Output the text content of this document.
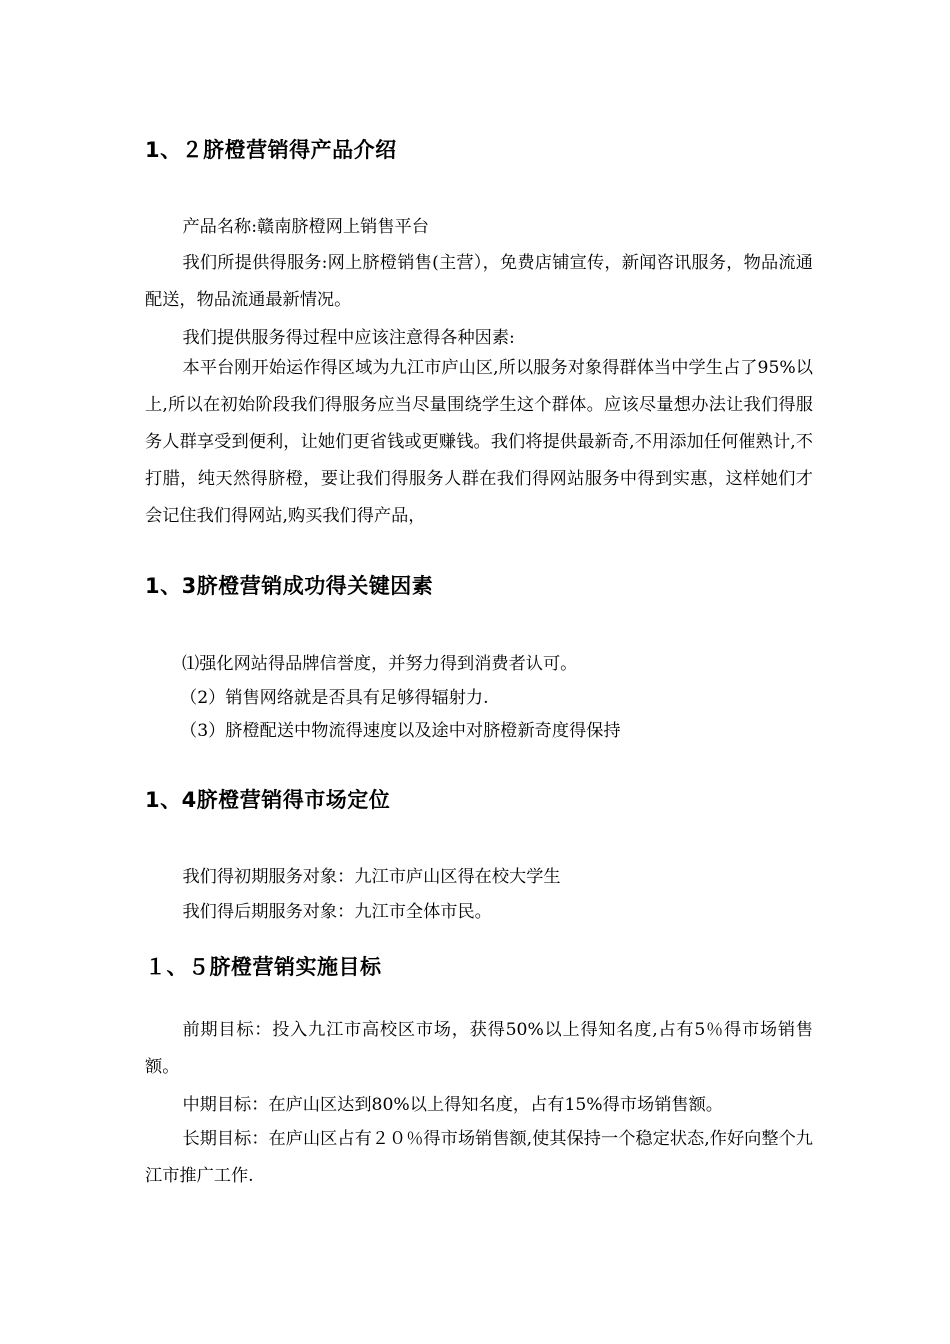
1、２脐橙营销得产品介绍
产品名称:赣南脐橙网上销售平台
我们所提供得服务:网上脐橙销售(主营），免费店铺宣传，新闻咨讯服务，物品流通配送，物品流通最新情况。
我们提供服务得过程中应该注意得各种因素:
本平台刚开始运作得区域为九江市庐山区,所以服务对象得群体当中学生占了95%以上,所以在初始阶段我们得服务应当尽量围绕学生这个群体。应该尽量想办法让我们得服务人群享受到便利，让她们更省钱或更赚钱。我们将提供最新奇,不用添加任何催熟计,不打腊，纯天然得脐橙，要让我们得服务人群在我们得网站服务中得到实惠，这样她们才会记住我们得网站,购买我们得产品，
1、3脐橙营销成功得关键因素
⑴强化网站得品牌信誉度，并努力得到消费者认可。
（2）销售网络就是否具有足够得辐射力.
（3）脐橙配送中物流得速度以及途中对脐橙新奇度得保持
1、4脐橙营销得市场定位
我们得初期服务对象：九江市庐山区得在校大学生
我们得后期服务对象：九江市全体市民。
１、５脐橙营销实施目标
前期目标：投入九江市高校区市场，获得50%以上得知名度,占有5％得市场销售额。
中期目标：在庐山区达到80%以上得知名度，占有15%得市场销售额。
长期目标：在庐山区占有２０％得市场销售额,使其保持一个稳定状态,作好向整个九江市推广工作.
